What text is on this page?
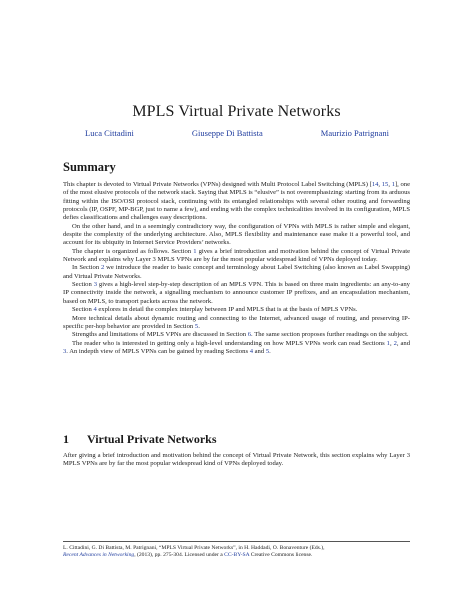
MPLS Virtual Private Networks
Luca Cittadini	Giuseppe Di Battista	Maurizio Patrignani
Summary

This chapter is devoted to Virtual Private Networks (VPNs) designed with Multi Protocol Label Switching (MPLS) [14, 15, 1], one of the most elusive protocols of the network stack. Saying that MPLS is “elusive” is not overemphasizing: starting from its arduous fitting within the ISO/OSI protocol stack, continuing with its entangled relationships with several other routing and forwarding protocols (IP, OSPF, MP-BGP, just to name a few), and ending with the complex technicalities involved in its configuration, MPLS defies classifications and challenges easy descriptions.

On the other hand, and in a seemingly contradictory way, the configuration of VPNs with MPLS is rather simple and elegant, despite the complexity of the underlying architecture. Also, MPLS flexibility and maintenance ease make it a powerful tool, and account for its ubiquity in Internet Service Providers’ networks.

The chapter is organized as follows. Section 1 gives a brief introduction and motivation behind the concept of Virtual Private Network and explains why Layer 3 MPLS VPNs are by far the most popular widespread kind of VPNs deployed today.

In Section 2 we introduce the reader to basic concept and terminology about Label Switching (also known as Label Swapping) and Virtual Private Networks.

Section 3 gives a high-level step-by-step description of an MPLS VPN. This is based on three main ingredients: an any-to-any IP connectivity inside the network, a signalling mechanism to announce customer IP prefixes, and an encapsulation mechanism, based on MPLS, to transport packets across the network.

Section 4 explores in detail the complex interplay between IP and MPLS that is at the basis of MPLS VPNs.

More technical details about dynamic routing and connecting to the Internet, advanced usage of routing, and preserving IP-specific per-hop behavior are provided in Section 5.

Strengths and limitations of MPLS VPNs are discussed in Section 6. The same section proposes further readings on the subject.

The reader who is interested in getting only a high-level understanding on how MPLS VPNs work can read Sections 1, 2, and 3. An indepth view of MPLS VPNs can be gained by reading Sections 4 and 5.

1 Virtual Private Networks

After giving a brief introduction and motivation behind the concept of Virtual Private Network, this section explains why Layer 3 MPLS VPNs are by far the most popular widespread kind of VPNs deployed today.

L. Cittadini, G. Di Battista, M. Patrignani, “MPLS Virtual Private Networks”, in H. Haddadi, O. Bonaventure (Eds.),
Recent Advances in Networking, (2013), pp. 275-304. Licensed under a CC-BY-SA Creative Commons license.
